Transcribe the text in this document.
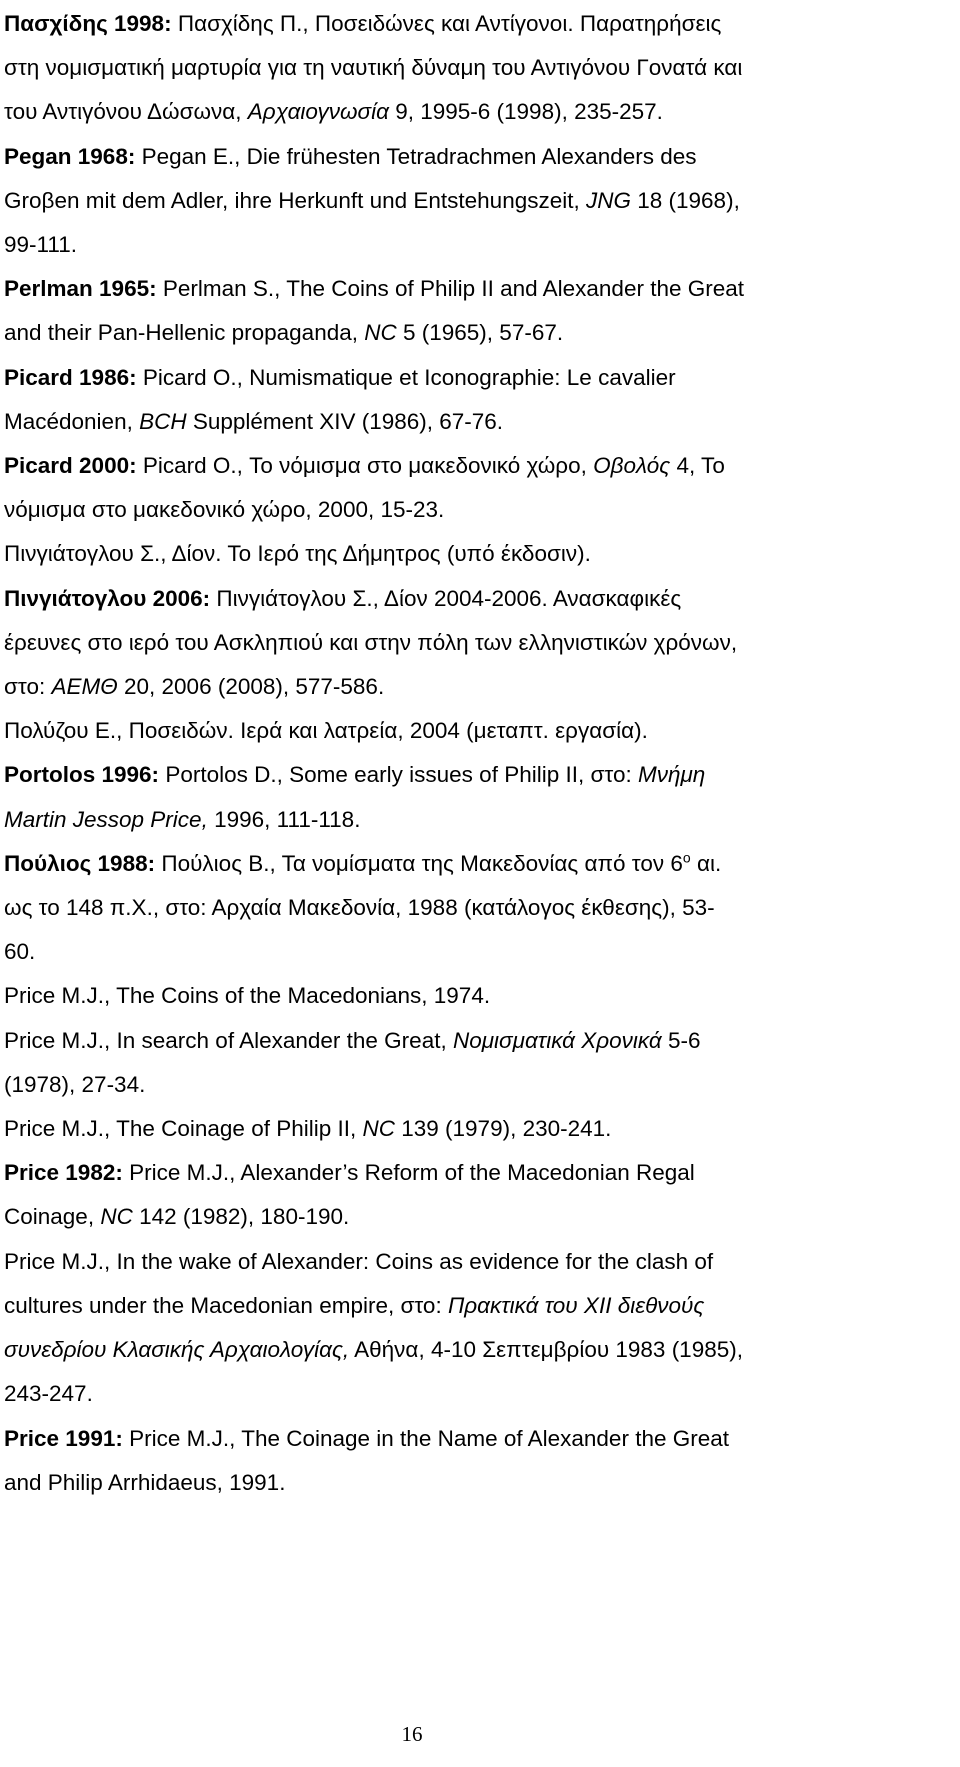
Πασχίδης 1998: Πασχίδης Π., Ποσειδώνες και Αντίγονοι. Παρατηρήσεις

στη νομισματική μαρτυρία για τη ναυτική δύναμη του Αντιγόνου Γονατά και

του Αντιγόνου Δώσωνα, Αρχαιογνωσία 9, 1995-6 (1998), 235-257.

Pegan 1968: Pegan E., Die frühesten Tetradrachmen Alexanders des

Groβen mit dem Adler, ihre Herkunft und Entstehungszeit, JNG 18 (1968),

99-111.

Perlman 1965: Perlman S., The Coins of Philip II and Alexander the Great

and their Pan-Hellenic propaganda, NC 5 (1965), 57-67.

Picard 1986: Picard O., Numismatique et Iconographie: Le cavalier

Macédonien, BCH Supplément XIV (1986), 67-76.

Picard 2000: Picard O., Το νόμισμα στο μακεδονικό χώρο, Οβολός 4, Το

νόμισμα στο μακεδονικό χώρο, 2000, 15-23.

Πινγιάτογλου Σ., Δίον. Το Ιερό της Δήμητρος (υπό έκδοσιν).

Πινγιάτογλου 2006: Πινγιάτογλου Σ., Δίον 2004-2006. Ανασκαφικές

έρευνες στο ιερό του Ασκληπιού και στην πόλη των ελληνιστικών χρόνων,

στο: ΑΕΜΘ 20, 2006 (2008), 577-586.

Πολύζου Ε., Ποσειδών. Ιερά και λατρεία, 2004 (μεταπτ. εργασία).

Portolos 1996: Portolos D., Some early issues of Philip II, στο: Μνήμη

Martin Jessop Price, 1996, 111-118.

Πούλιος 1988: Πούλιος Β., Τα νομίσματα της Μακεδονίας από τον $6^o$ αι.

ως το 148 π.Χ., στο: Αρχαία Μακεδονία, 1988 (κατάλογος έκθεσης), 53-

60.

Price M.J., The Coins of the Macedonians, 1974.

Price M.J., In search of Alexander the Great, Νομισματικά Χρονικά 5-6

(1978), 27-34.

Price M.J., The Coinage of Philip II, NC 139 (1979), 230-241.

Price 1982: Price M.J., Alexander’s Reform of the Macedonian Regal

Coinage, NC 142 (1982), 180-190.

Price M.J., In the wake of Alexander: Coins as evidence for the clash of

cultures under the Macedonian empire, στο: Πρακτικά του XII διεθνούς

συνεδρίου Κλασικής Αρχαιολογίας, Αθήνα, 4-10 Σεπτεμβρίου 1983 (1985),

243-247.

Price 1991: Price M.J., The Coinage in the Name of Alexander the Great

and Philip Arrhidaeus, 1991.

16
